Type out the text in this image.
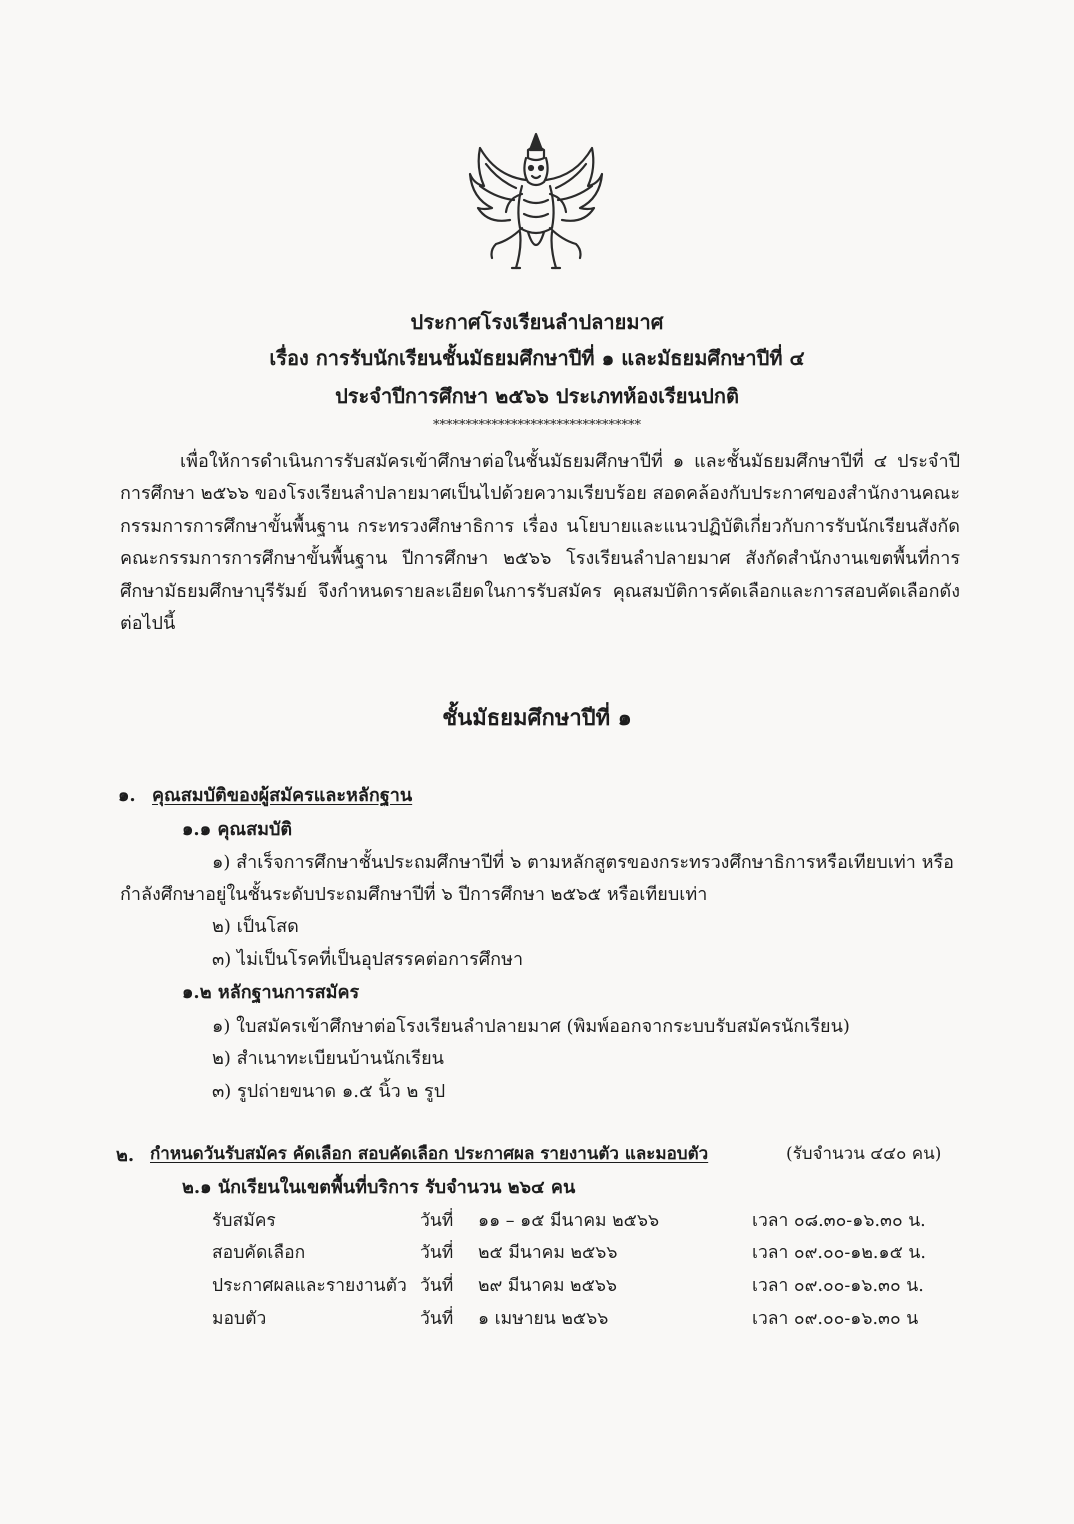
ประกาศโรงเรียนลำปลายมาศ
เรื่อง การรับนักเรียนชั้นมัธยมศึกษาปีที่ ๑ และมัธยมศึกษาปีที่ ๔
ประจำปีการศึกษา ๒๕๖๖ ประเภทห้องเรียนปกติ
********************************
เพื่อให้การดำเนินการรับสมัครเข้าศึกษาต่อในชั้นมัธยมศึกษาปีที่ ๑ และชั้นมัธยมศึกษาปีที่ ๔ ประจำปีการศึกษา ๒๕๖๖ ของโรงเรียนลำปลายมาศเป็นไปด้วยความเรียบร้อย สอดคล้องกับประกาศของสำนักงานคณะกรรมการการศึกษาขั้นพื้นฐาน กระทรวงศึกษาธิการ เรื่อง นโยบายและแนวปฏิบัติเกี่ยวกับการรับนักเรียนสังกัดคณะกรรมการการศึกษาขั้นพื้นฐาน ปีการศึกษา ๒๕๖๖ โรงเรียนลำปลายมาศ สังกัดสำนักงานเขตพื้นที่การศึกษามัธยมศึกษาบุรีรัมย์ จึงกำหนดรายละเอียดในการรับสมัคร คุณสมบัติการคัดเลือกและการสอบคัดเลือกดังต่อไปนี้
ชั้นมัธยมศึกษาปีที่ ๑
๑. คุณสมบัติของผู้สมัครและหลักฐาน
๑.๑ คุณสมบัติ
๑) สำเร็จการศึกษาชั้นประถมศึกษาปีที่ ๖ ตามหลักสูตรของกระทรวงศึกษาธิการหรือเทียบเท่า หรือ
กำลังศึกษาอยู่ในชั้นระดับประถมศึกษาปีที่ ๖ ปีการศึกษา ๒๕๖๕ หรือเทียบเท่า
๒) เป็นโสด
๓) ไม่เป็นโรคที่เป็นอุปสรรคต่อการศึกษา
๑.๒ หลักฐานการสมัคร
๑) ใบสมัครเข้าศึกษาต่อโรงเรียนลำปลายมาศ (พิมพ์ออกจากระบบรับสมัครนักเรียน)
๒) สำเนาทะเบียนบ้านนักเรียน
๓) รูปถ่ายขนาด ๑.๕ นิ้ว ๒ รูป
๒. กำหนดวันรับสมัคร คัดเลือก สอบคัดเลือก ประกาศผล รายงานตัว และมอบตัว	(รับจำนวน ๔๔๐ คน)
๒.๑ นักเรียนในเขตพื้นที่บริการ รับจำนวน ๒๖๔ คน
รับสมัคร	วันที่ ๑๑ – ๑๕ มีนาคม ๒๕๖๖	เวลา ๐๘.๓๐-๑๖.๓๐ น.
สอบคัดเลือก	วันที่ ๒๕ มีนาคม ๒๕๖๖	เวลา ๐๙.๐๐-๑๒.๑๕ น.
ประกาศผลและรายงานตัว วันที่ ๒๙ มีนาคม ๒๕๖๖	เวลา ๐๙.๐๐-๑๖.๓๐ น.
มอบตัว	วันที่ ๑ เมษายน ๒๕๖๖	เวลา ๐๙.๐๐-๑๖.๓๐ น
